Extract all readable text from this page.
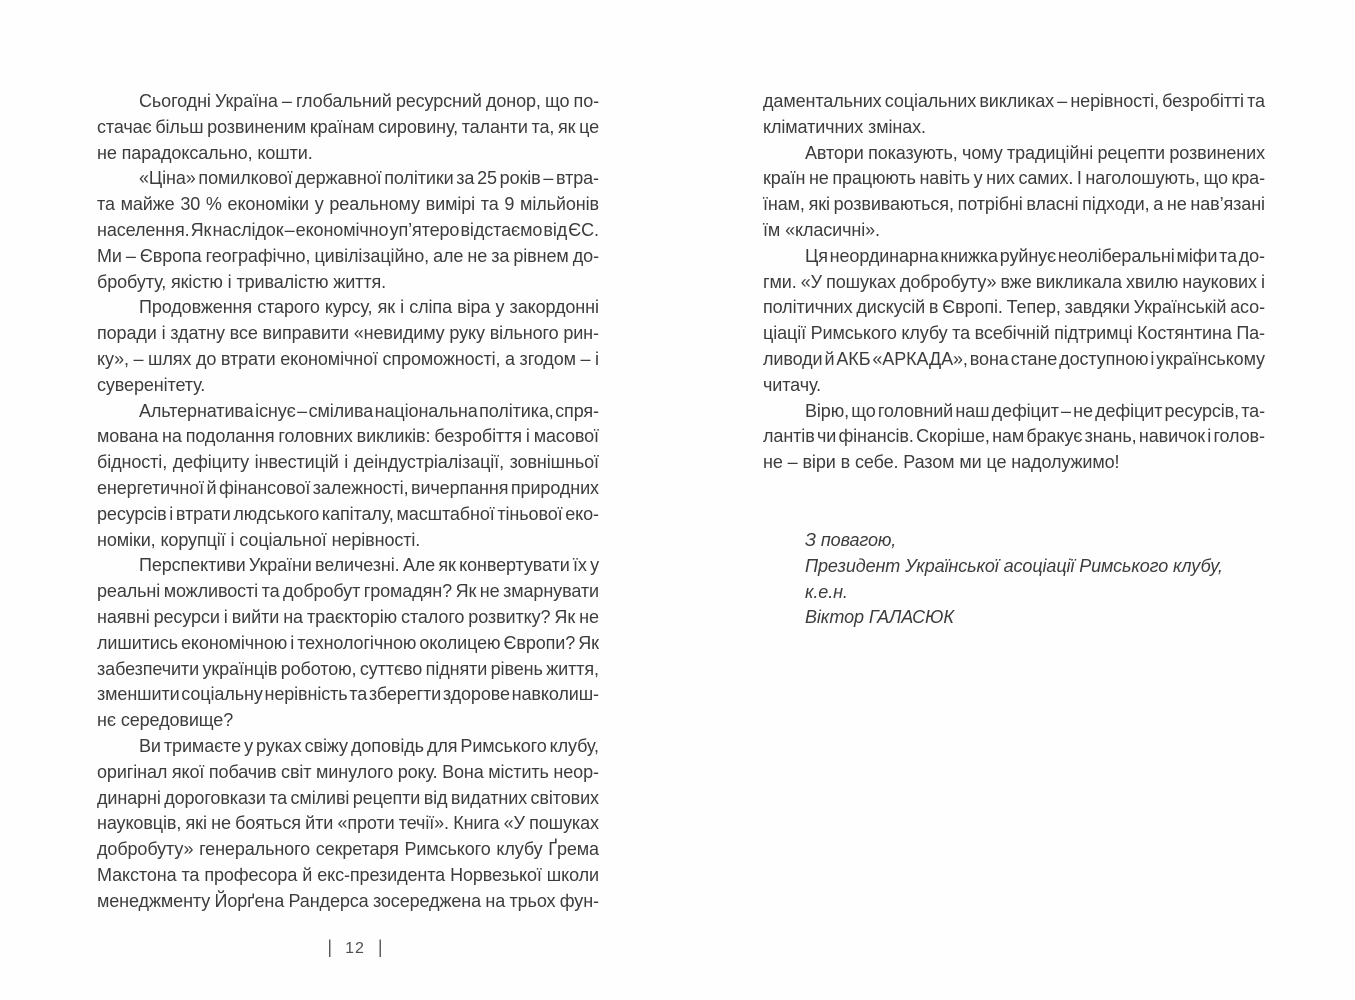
Сьогодні Україна – глобальний ресурсний донор, що по-
стачає більш розвиненим країнам сировину, таланти та, як це
не парадоксально, кошти.
«Ціна» помилкової державної політики за 25 років – втра-
та майже 30 % економіки у реальному вимірі та 9 мільйонів
населення. Як наслідок – економічно уп’ятеро відстаємо від ЄС.
Ми – Європа географічно, цивілізаційно, але не за рівнем до-
бробуту, якістю і тривалістю життя.
Продовження старого курсу, як і сліпа віра у закордонні
поради і здатну все виправити «невидиму руку вільного рин-
ку», – шлях до втрати економічної спроможності, а згодом – і
суверенітету.
Альтернатива існує – смілива національна політика, спря-
мована на подолання головних викликів: безробіття і масової
бідності, дефіциту інвестицій і деіндустріалізації, зовнішньої
енергетичної й фінансової залежності, вичерпання природних
ресурсів і втрати людського капіталу, масштабної тіньової еко-
номіки, корупції і соціальної нерівності.
Перспективи України величезні. Але як конвертувати їх у
реальні можливості та добробут громадян? Як не змарнувати
наявні ресурси і вийти на траєкторію сталого розвитку? Як не
лишитись економічною і технологічною околицею Європи? Як
забезпечити українців роботою, суттєво підняти рівень життя,
зменшити соціальну нерівність та зберегти здорове навколиш-
нє середовище?
Ви тримаєте у руках свіжу доповідь для Римського клубу,
оригінал якої побачив світ минулого року. Вона містить неор-
динарні дороговкази та сміливі рецепти від видатних світових
науковців, які не бояться йти «проти течії». Книга «У пошуках
добробуту» генерального секретаря Римського клубу Ґрема
Макстона та професора й екс-президента Норвезької школи
менеджменту Йорґена Рандерса зосереджена на трьох фун-
даментальних соціальних викликах – нерівності, безробітті та
кліматичних змінах.
Автори показують, чому традиційні рецепти розвинених
країн не працюють навіть у них самих. І наголошують, що кра-
їнам, які розвиваються, потрібні власні підходи, а не нав’язані
їм «класичні».
Ця неординарна книжка руйнує неоліберальні міфи та до-
гми. «У пошуках добробуту» вже викликала хвилю наукових і
політичних дискусій в Європі. Тепер, завдяки Українській асо-
ціації Римського клубу та всебічній підтримці Костянтина Па-
ливоди й АКБ «АРКАДА», вона стане доступною і українському
читачу.
Вірю, що головний наш дефіцит – не дефіцит ресурсів, та-
лантів чи фінансів. Скоріше, нам бракує знань, навичок і голов-
не – віри в себе. Разом ми це надолужимо!
З повагою,
Президент Української асоціації Римського клубу,
к.е.н.
Віктор ГАЛАСЮК
| 12 |
